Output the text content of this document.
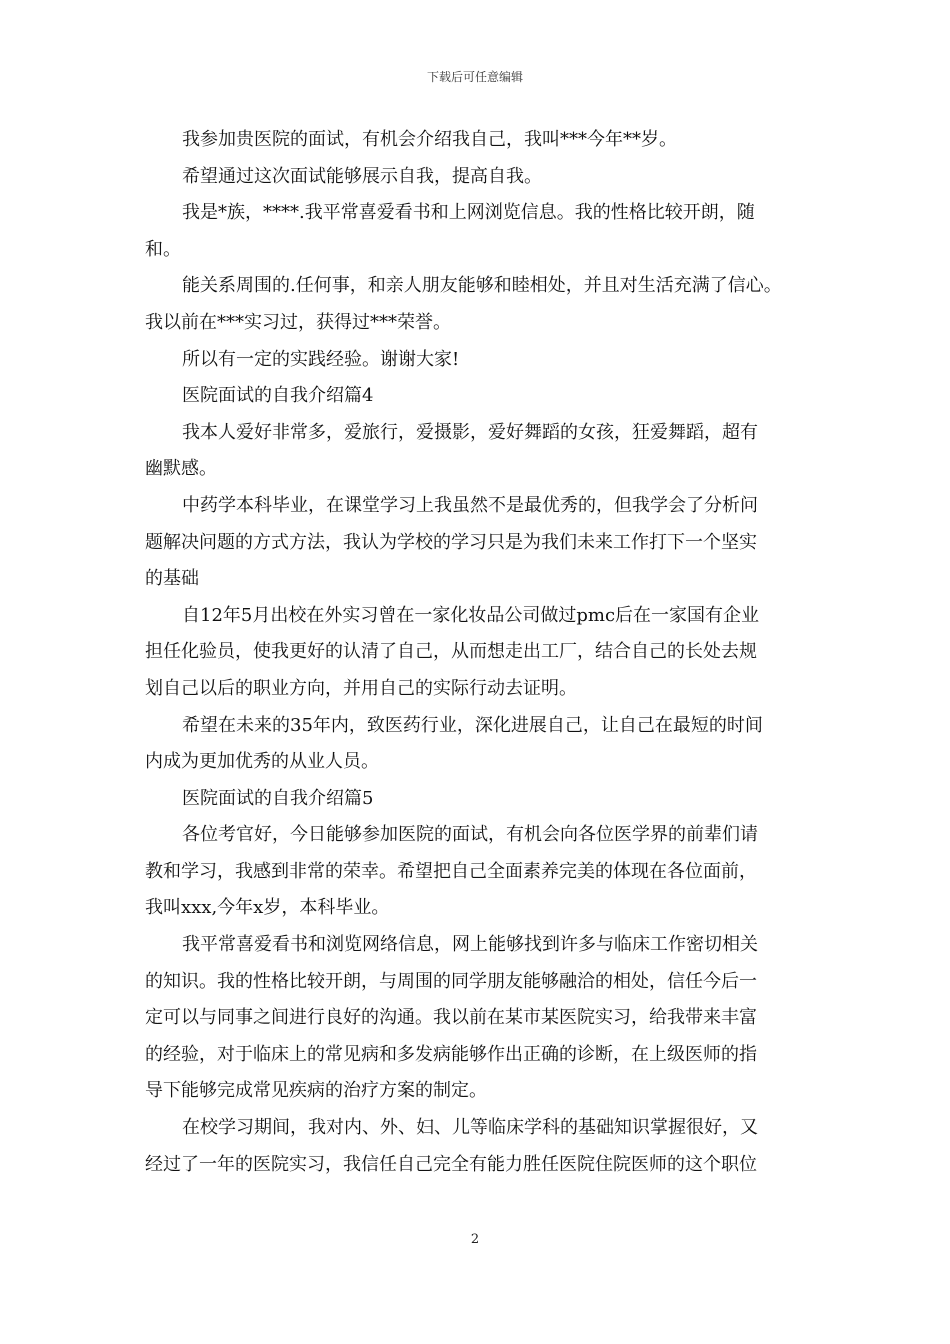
下载后可任意编辑

我参加贵医院的面试，有机会介绍我自己，我叫***今年**岁。

希望通过这次面试能够展示自我，提高自我。

我是*族，****.我平常喜爱看书和上网浏览信息。我的性格比较开朗，随
和。

能关系周围的.任何事，和亲人朋友能够和睦相处，并且对生活充满了信心。
我以前在***实习过，获得过***荣誉。

所以有一定的实践经验。谢谢大家!

医院面试的自我介绍篇4

我本人爱好非常多，爱旅行，爱摄影，爱好舞蹈的女孩，狂爱舞蹈，超有
幽默感。

中药学本科毕业，在课堂学习上我虽然不是最优秀的，但我学会了分析问
题解决问题的方式方法，我认为学校的学习只是为我们未来工作打下一个坚实
的基础

自12年5月出校在外实习曾在一家化妆品公司做过pmc后在一家国有企业
担任化验员，使我更好的认清了自己，从而想走出工厂，结合自己的长处去规
划自己以后的职业方向，并用自己的实际行动去证明。

希望在未来的35年内，致医药行业，深化进展自己，让自己在最短的时间
内成为更加优秀的从业人员。

医院面试的自我介绍篇5

各位考官好，今日能够参加医院的面试，有机会向各位医学界的前辈们请
教和学习，我感到非常的荣幸。希望把自己全面素养完美的体现在各位面前，
我叫xxx,今年x岁，本科毕业。

我平常喜爱看书和浏览网络信息，网上能够找到许多与临床工作密切相关
的知识。我的性格比较开朗，与周围的同学朋友能够融洽的相处，信任今后一
定可以与同事之间进行良好的沟通。我以前在某市某医院实习，给我带来丰富
的经验，对于临床上的常见病和多发病能够作出正确的诊断，在上级医师的指
导下能够完成常见疾病的治疗方案的制定。

在校学习期间，我对内、外、妇、儿等临床学科的基础知识掌握很好，又
经过了一年的医院实习，我信任自己完全有能力胜任医院住院医师的这个职位

2
